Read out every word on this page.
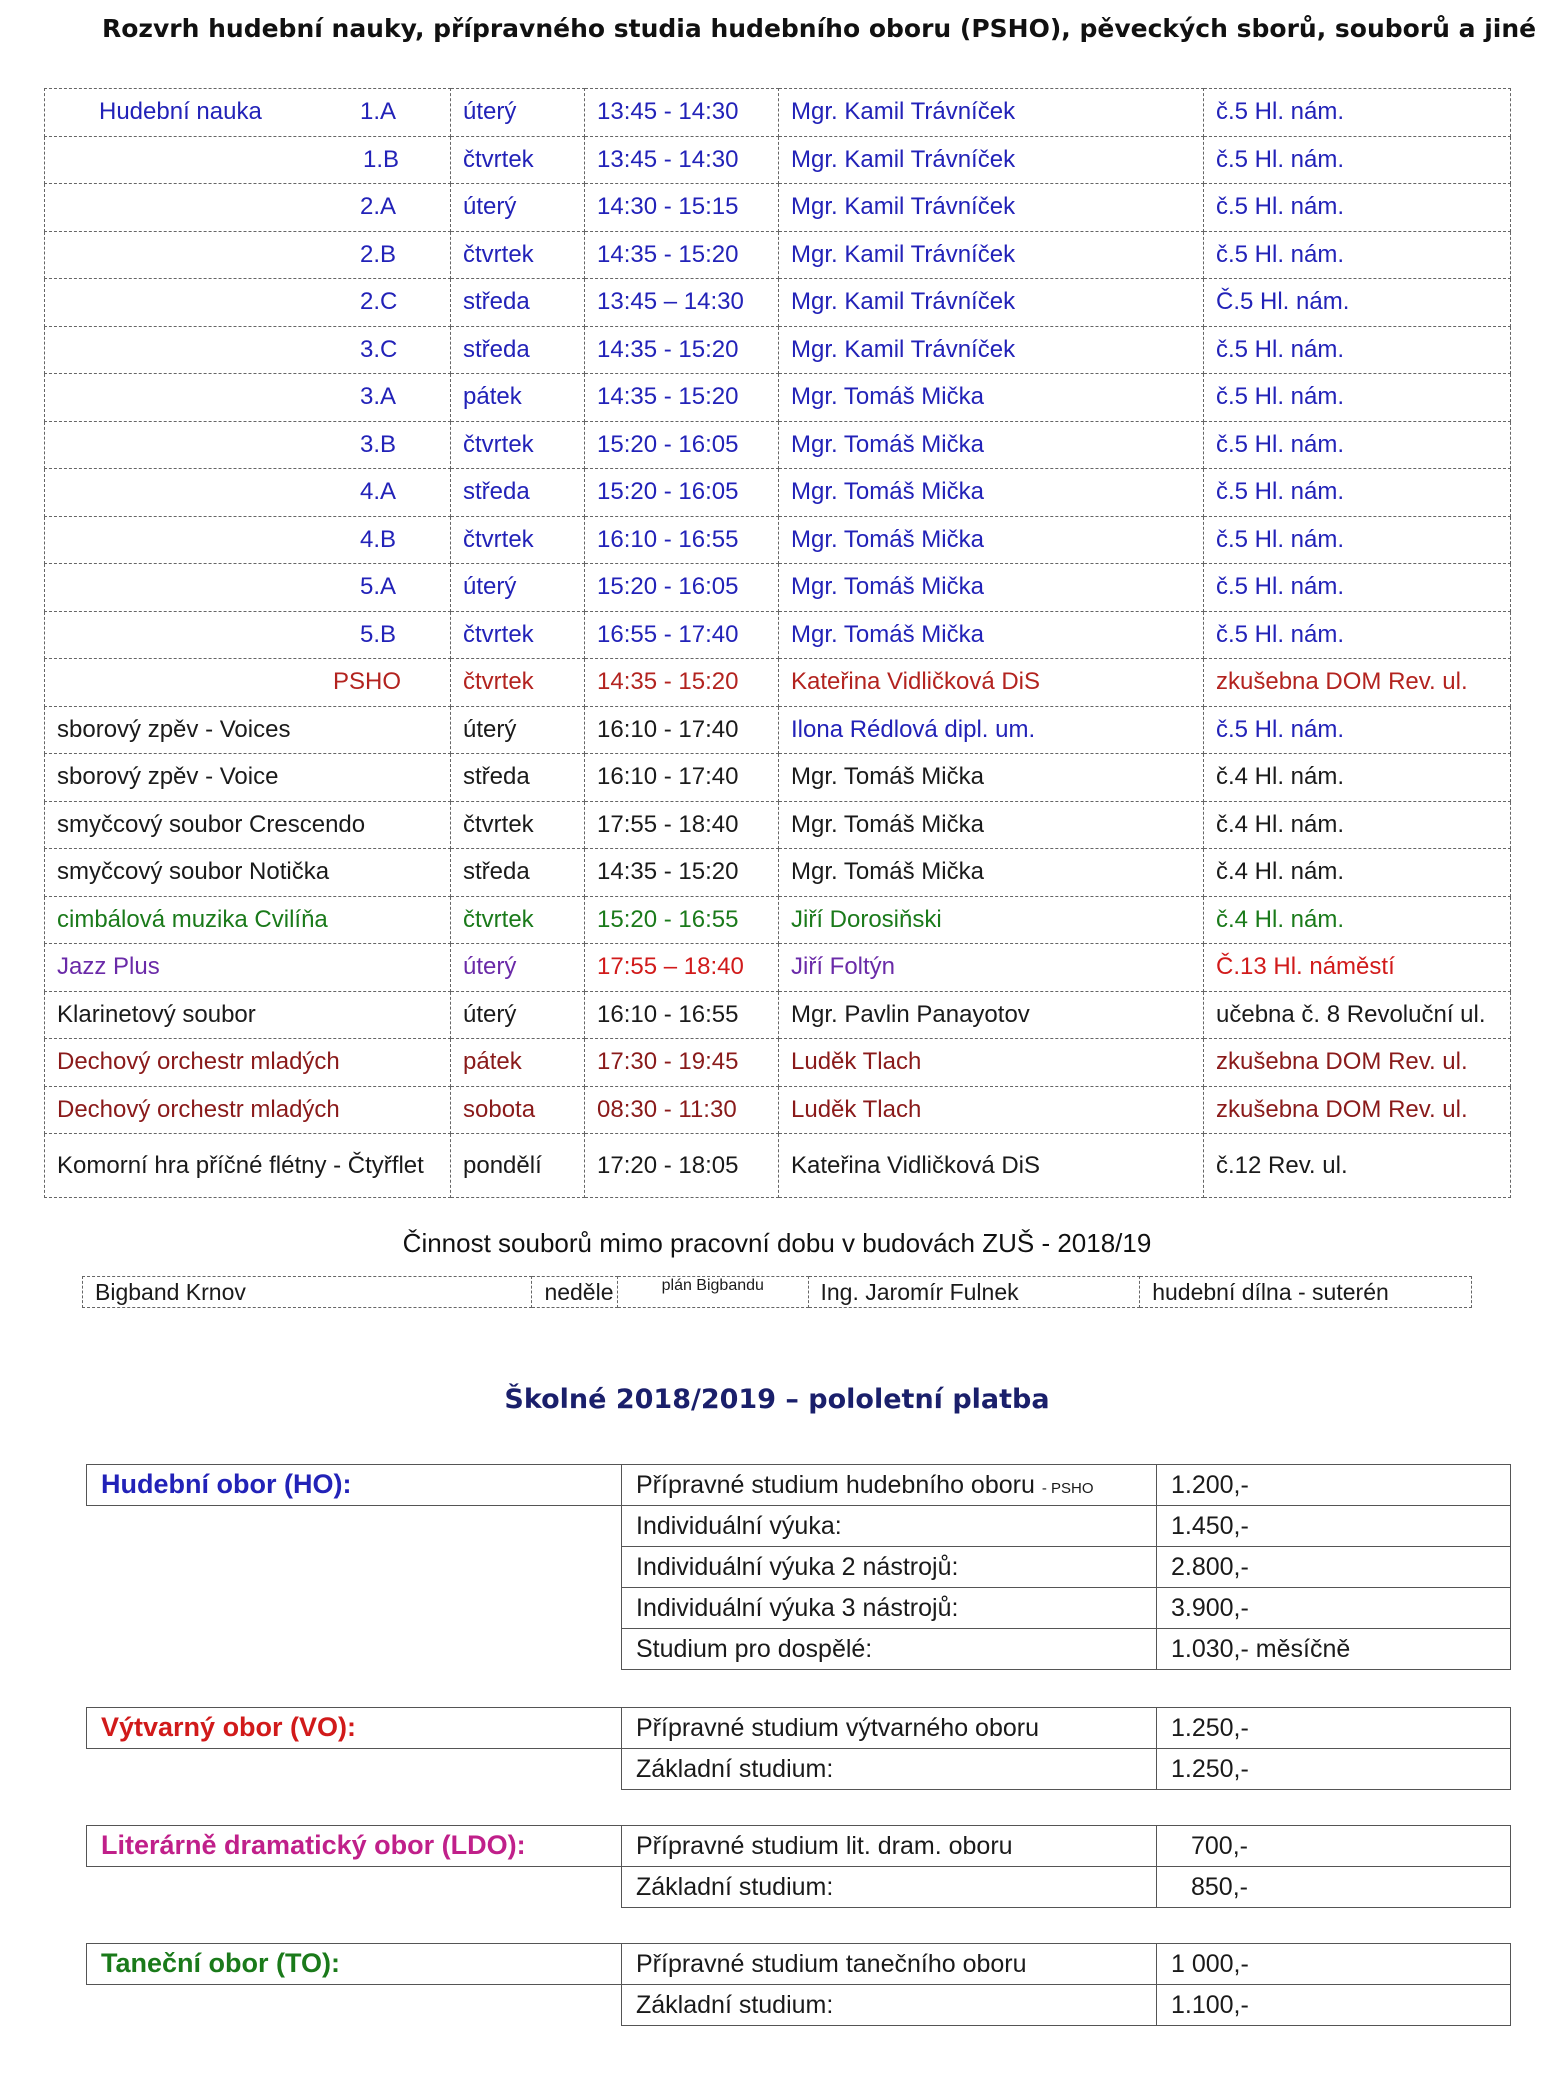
Rozvrh hudební nauky, přípravného studia hudebního oboru (PSHO), pěveckých sborů, souborů a jiné
Hudební nauka 1.A	úterý	13:45 - 14:30	Mgr. Kamil Trávníček	č.5 Hl. nám.

1.B	čtvrtek	13:45 - 14:30	Mgr. Kamil Trávníček	č.5 Hl. nám.

2.A	úterý	14:30 - 15:15	Mgr. Kamil Trávníček	č.5 Hl. nám.

2.B	čtvrtek	14:35 - 15:20	Mgr. Kamil Trávníček	č.5 Hl. nám.

2.C	středa	13:45 – 14:30	Mgr. Kamil Trávníček	Č.5 Hl. nám.

3.C	středa	14:35 - 15:20	Mgr. Kamil Trávníček	č.5 Hl. nám.

3.A	pátek	14:35 - 15:20	Mgr. Tomáš Mička	č.5 Hl. nám.

3.B	čtvrtek	15:20 - 16:05	Mgr. Tomáš Mička	č.5 Hl. nám.

4.A	středa	15:20 - 16:05	Mgr. Tomáš Mička	č.5 Hl. nám.

4.B	čtvrtek	16:10 - 16:55	Mgr. Tomáš Mička	č.5 Hl. nám.

5.A	úterý	15:20 - 16:05	Mgr. Tomáš Mička	č.5 Hl. nám.

5.B	čtvrtek	16:55 - 17:40	Mgr. Tomáš Mička	č.5 Hl. nám.

PSHO	čtvrtek	14:35 - 15:20	Kateřina Vidličková DiS	zkušebna DOM Rev. ul.
sborový zpěv - Voices	úterý	16:10 - 17:40	Ilona Rédlová dipl. um.	č.5 Hl. nám.
sborový zpěv - Voice	středa	16:10 - 17:40	Mgr. Tomáš Mička	č.4 Hl. nám.
smyčcový soubor Crescendo	čtvrtek	17:55 - 18:40	Mgr. Tomáš Mička	č.4 Hl. nám.
smyčcový soubor Notička	středa	14:35 - 15:20	Mgr. Tomáš Mička	č.4 Hl. nám.
cimbálová muzika Cvilíňa	čtvrtek	15:20 - 16:55	Jiří Dorosiňski	č.4 Hl. nám.
Jazz Plus	úterý	17:55 – 18:40	Jiří Foltýn	Č.13 Hl. náměstí
Klarinetový soubor	úterý	16:10 - 16:55	Mgr. Pavlin Panayotov	učebna č. 8 Revoluční ul.
Dechový orchestr mladých	pátek	17:30 - 19:45	Luděk Tlach	zkušebna DOM Rev. ul.
Dechový orchestr mladých	sobota	08:30 - 11:30	Luděk Tlach	zkušebna DOM Rev. ul.
Komorní hra příčné flétny - Čtyřflet	pondělí	17:20 - 18:05	Kateřina Vidličková DiS	č.12 Rev. ul.
Činnost souborů mimo pracovní dobu v budovách ZUŠ - 2018/19
Bigband Krnov	neděle	plán Bigbandu	Ing. Jaromír Fulnek	hudební dílna - suterén
Školné 2018/2019 – pololetní platba
Hudební obor (HO):	Přípravné studium hudebního oboru - PSHO	1.200,-
Individuální výuka:	1.450,-
Individuální výuka 2 nástrojů:	2.800,-
Individuální výuka 3 nástrojů:	3.900,-
Studium pro dospělé:	1.030,- měsíčně
Výtvarný obor (VO):	Přípravné studium výtvarného oboru	1.250,-
Základní studium:	1.250,-
Literárně dramatický obor (LDO):	Přípravné studium lit. dram. oboru	700,-
Základní studium:	850,-
Taneční obor (TO):	Přípravné studium tanečního oboru	1 000,-
Základní studium:	1.100,-
